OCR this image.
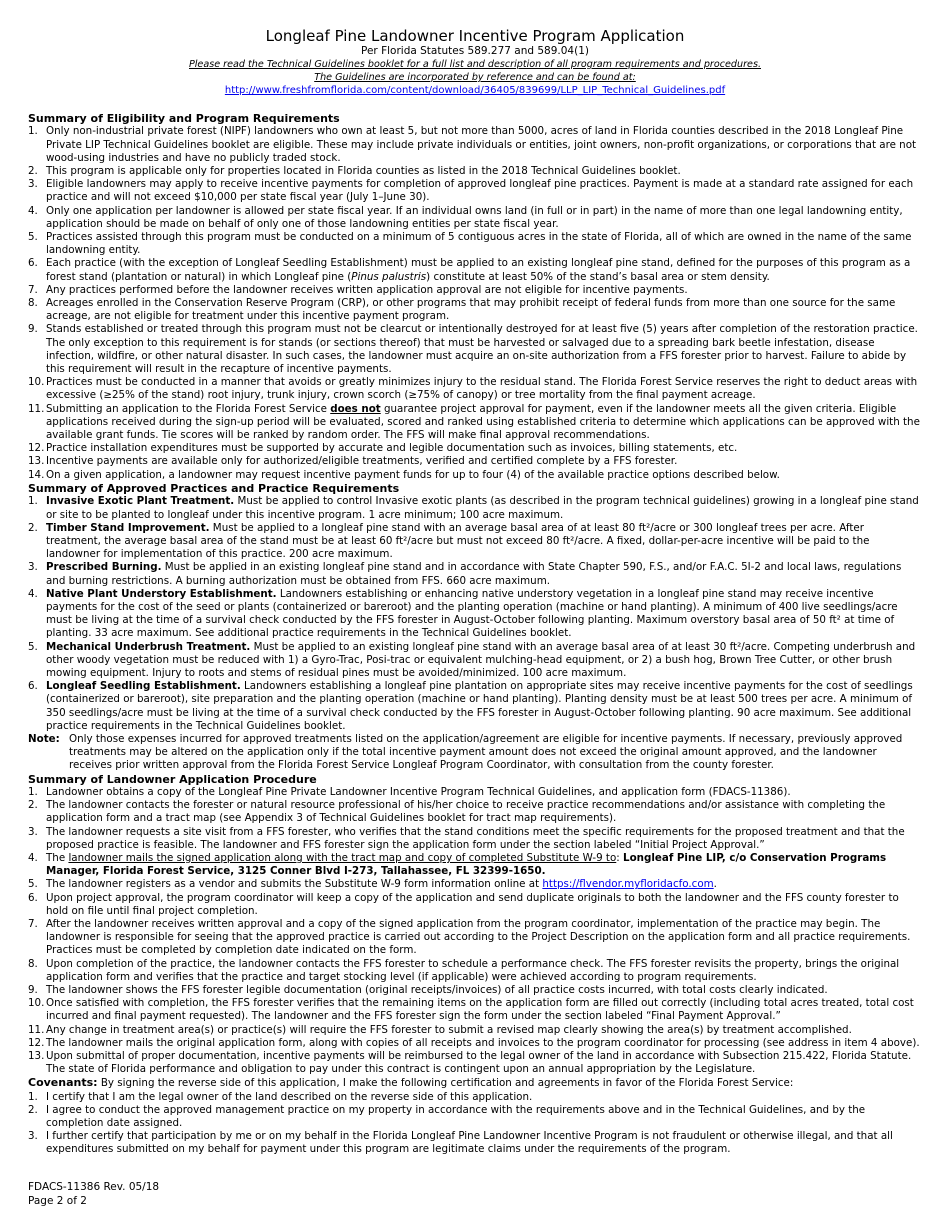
Longleaf Pine Landowner Incentive Program Application
Per Florida Statutes 589.277 and 589.04(1)
Please read the Technical Guidelines booklet for a full list and description of all program requirements and procedures.
The Guidelines are incorporated by reference and can be found at:
http://www.freshfromflorida.com/content/download/36405/839699/LLP_LIP_Technical_Guidelines.pdf
Summary of Eligibility and Program Requirements
1. Only non-industrial private forest (NIPF) landowners who own at least 5, but not more than 5000, acres of land in Florida counties described in the 2018 Longleaf Pine Private LIP Technical Guidelines booklet are eligible. These may include private individuals or entities, joint owners, non-profit organizations, or corporations that are not wood-using industries and have no publicly traded stock.
2. This program is applicable only for properties located in Florida counties as listed in the 2018 Technical Guidelines booklet.
3. Eligible landowners may apply to receive incentive payments for completion of approved longleaf pine practices. Payment is made at a standard rate assigned for each practice and will not exceed $10,000 per state fiscal year (July 1–June 30).
4. Only one application per landowner is allowed per state fiscal year. If an individual owns land (in full or in part) in the name of more than one legal landowning entity, application should be made on behalf of only one of those landowning entities per state fiscal year.
5. Practices assisted through this program must be conducted on a minimum of 5 contiguous acres in the state of Florida, all of which are owned in the name of the same landowning entity.
6. Each practice (with the exception of Longleaf Seedling Establishment) must be applied to an existing longleaf pine stand, defined for the purposes of this program as a forest stand (plantation or natural) in which Longleaf pine (Pinus palustris) constitute at least 50% of the stand’s basal area or stem density.
7. Any practices performed before the landowner receives written application approval are not eligible for incentive payments.
8. Acreages enrolled in the Conservation Reserve Program (CRP), or other programs that may prohibit receipt of federal funds from more than one source for the same acreage, are not eligible for treatment under this incentive payment program.
9. Stands established or treated through this program must not be clearcut or intentionally destroyed for at least five (5) years after completion of the restoration practice. The only exception to this requirement is for stands (or sections thereof) that must be harvested or salvaged due to a spreading bark beetle infestation, disease infection, wildfire, or other natural disaster. In such cases, the landowner must acquire an on-site authorization from a FFS forester prior to harvest. Failure to abide by this requirement will result in the recapture of incentive payments.
10. Practices must be conducted in a manner that avoids or greatly minimizes injury to the residual stand. The Florida Forest Service reserves the right to deduct areas with excessive (≥25% of the stand) root injury, trunk injury, crown scorch (≥75% of canopy) or tree mortality from the final payment acreage.
11. Submitting an application to the Florida Forest Service does not guarantee project approval for payment, even if the landowner meets all the given criteria. Eligible applications received during the sign-up period will be evaluated, scored and ranked using established criteria to determine which applications can be approved with the available grant funds. Tie scores will be ranked by random order. The FFS will make final approval recommendations.
12. Practice installation expenditures must be supported by accurate and legible documentation such as invoices, billing statements, etc.
13. Incentive payments are available only for authorized/eligible treatments, verified and certified complete by a FFS forester.
14. On a given application, a landowner may request incentive payment funds for up to four (4) of the available practice options described below.
Summary of Approved Practices and Practice Requirements
1. Invasive Exotic Plant Treatment. Must be applied to control Invasive exotic plants (as described in the program technical guidelines) growing in a longleaf pine stand or site to be planted to longleaf under this incentive program. 1 acre minimum; 100 acre maximum.
2. Timber Stand Improvement. Must be applied to a longleaf pine stand with an average basal area of at least 80 ft²/acre or 300 longleaf trees per acre. After treatment, the average basal area of the stand must be at least 60 ft²/acre but must not exceed 80 ft²/acre. A fixed, dollar-per-acre incentive will be paid to the landowner for implementation of this practice. 200 acre maximum.
3. Prescribed Burning. Must be applied in an existing longleaf pine stand and in accordance with State Chapter 590, F.S., and/or F.A.C. 5I-2 and local laws, regulations and burning restrictions. A burning authorization must be obtained from FFS. 660 acre maximum.
4. Native Plant Understory Establishment. Landowners establishing or enhancing native understory vegetation in a longleaf pine stand may receive incentive payments for the cost of the seed or plants (containerized or bareroot) and the planting operation (machine or hand planting). A minimum of 400 live seedlings/acre must be living at the time of a survival check conducted by the FFS forester in August-October following planting. Maximum overstory basal area of 50 ft² at time of planting. 33 acre maximum. See additional practice requirements in the Technical Guidelines booklet.
5. Mechanical Underbrush Treatment. Must be applied to an existing longleaf pine stand with an average basal area of at least 30 ft²/acre. Competing underbrush and other woody vegetation must be reduced with 1) a Gyro-Trac, Posi-trac or equivalent mulching-head equipment, or 2) a bush hog, Brown Tree Cutter, or other brush mowing equipment. Injury to roots and stems of residual pines must be avoided/minimized. 100 acre maximum.
6. Longleaf Seedling Establishment. Landowners establishing a longleaf pine plantation on appropriate sites may receive incentive payments for the cost of seedlings (containerized or bareroot), site preparation and the planting operation (machine or hand planting). Planting density must be at least 500 trees per acre. A minimum of 350 seedlings/acre must be living at the time of a survival check conducted by the FFS forester in August-October following planting. 90 acre maximum. See additional practice requirements in the Technical Guidelines booklet.
Note: Only those expenses incurred for approved treatments listed on the application/agreement are eligible for incentive payments. If necessary, previously approved treatments may be altered on the application only if the total incentive payment amount does not exceed the original amount approved, and the landowner receives prior written approval from the Florida Forest Service Longleaf Program Coordinator, with consultation from the county forester.
Summary of Landowner Application Procedure
1. Landowner obtains a copy of the Longleaf Pine Private Landowner Incentive Program Technical Guidelines, and application form (FDACS-11386).
2. The landowner contacts the forester or natural resource professional of his/her choice to receive practice recommendations and/or assistance with completing the application form and a tract map (see Appendix 3 of Technical Guidelines booklet for tract map requirements).
3. The landowner requests a site visit from a FFS forester, who verifies that the stand conditions meet the specific requirements for the proposed treatment and that the proposed practice is feasible. The landowner and FFS forester sign the application form under the section labeled “Initial Project Approval.”
4. The landowner mails the signed application along with the tract map and copy of completed Substitute W-9 to: Longleaf Pine LIP, c/o Conservation Programs Manager, Florida Forest Service, 3125 Conner Blvd I-273, Tallahassee, FL 32399-1650.
5. The landowner registers as a vendor and submits the Substitute W-9 form information online at https://flvendor.myfloridacfo.com.
6. Upon project approval, the program coordinator will keep a copy of the application and send duplicate originals to both the landowner and the FFS county forester to hold on file until final project completion.
7. After the landowner receives written approval and a copy of the signed application from the program coordinator, implementation of the practice may begin. The landowner is responsible for seeing that the approved practice is carried out according to the Project Description on the application form and all practice requirements. Practices must be completed by completion date indicated on the form.
8. Upon completion of the practice, the landowner contacts the FFS forester to schedule a performance check. The FFS forester revisits the property, brings the original application form and verifies that the practice and target stocking level (if applicable) were achieved according to program requirements.
9. The landowner shows the FFS forester legible documentation (original receipts/invoices) of all practice costs incurred, with total costs clearly indicated.
10. Once satisfied with completion, the FFS forester verifies that the remaining items on the application form are filled out correctly (including total acres treated, total cost incurred and final payment requested). The landowner and the FFS forester sign the form under the section labeled “Final Payment Approval.”
11. Any change in treatment area(s) or practice(s) will require the FFS forester to submit a revised map clearly showing the area(s) by treatment accomplished.
12. The landowner mails the original application form, along with copies of all receipts and invoices to the program coordinator for processing (see address in item 4 above).
13. Upon submittal of proper documentation, incentive payments will be reimbursed to the legal owner of the land in accordance with Subsection 215.422, Florida Statute. The state of Florida performance and obligation to pay under this contract is contingent upon an annual appropriation by the Legislature.
Covenants: By signing the reverse side of this application, I make the following certification and agreements in favor of the Florida Forest Service:
1. I certify that I am the legal owner of the land described on the reverse side of this application.
2. I agree to conduct the approved management practice on my property in accordance with the requirements above and in the Technical Guidelines, and by the completion date assigned.
3. I further certify that participation by me or on my behalf in the Florida Longleaf Pine Landowner Incentive Program is not fraudulent or otherwise illegal, and that all expenditures submitted on my behalf for payment under this program are legitimate claims under the requirements of the program.
FDACS-11386 Rev. 05/18
Page 2 of 2
